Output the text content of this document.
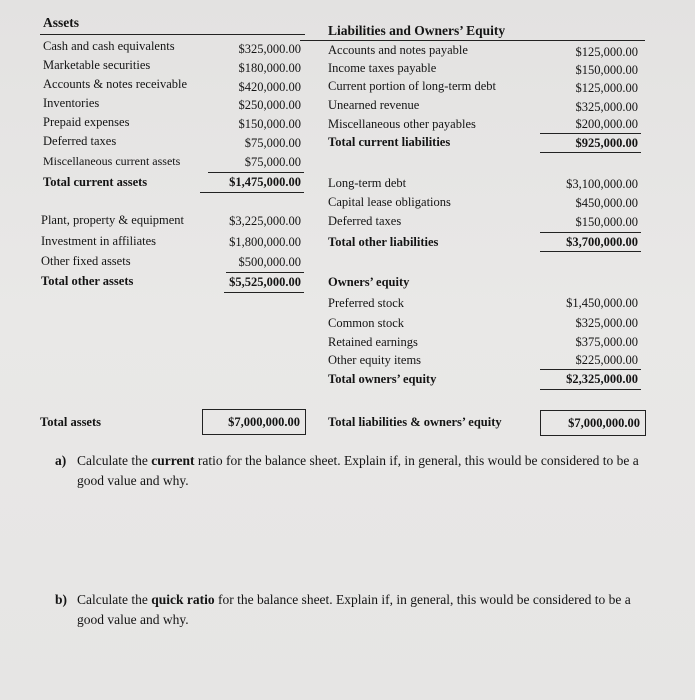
Assets
Cash and cash equivalents	$325,000.00
Marketable securities	$180,000.00
Accounts & notes receivable	$420,000.00
Inventories	$250,000.00
Prepaid expenses	$150,000.00
Deferred taxes	$75,000.00
Miscellaneous current assets	$75,000.00
Total current assets	$1,475,000.00
Plant, property & equipment	$3,225,000.00
Investment in affiliates	$1,800,000.00
Other fixed assets	$500,000.00
Total other assets	$5,525,000.00
Liabilities and Owners’ Equity
Accounts and notes payable	$125,000.00
Income taxes payable	$150,000.00
Current portion of long-term debt	$125,000.00
Unearned revenue	$325,000.00
Miscellaneous other payables	$200,000.00
Total current liabilities	$925,000.00
Long-term debt	$3,100,000.00
Capital lease obligations	$450,000.00
Deferred taxes	$150,000.00
Total other liabilities	$3,700,000.00
Owners’ equity
Preferred stock	$1,450,000.00
Common stock	$325,000.00
Retained earnings	$375,000.00
Other equity items	$225,000.00
Total owners’ equity	$2,325,000.00
Total assets	$7,000,000.00 Total liabilities & owners’ equity	$7,000,000.00
a) Calculate the current ratio for the balance sheet. Explain if, in general, this would be considered to be a good value and why.
b) Calculate the quick ratio for the balance sheet. Explain if, in general, this would be considered to be a good value and why.
